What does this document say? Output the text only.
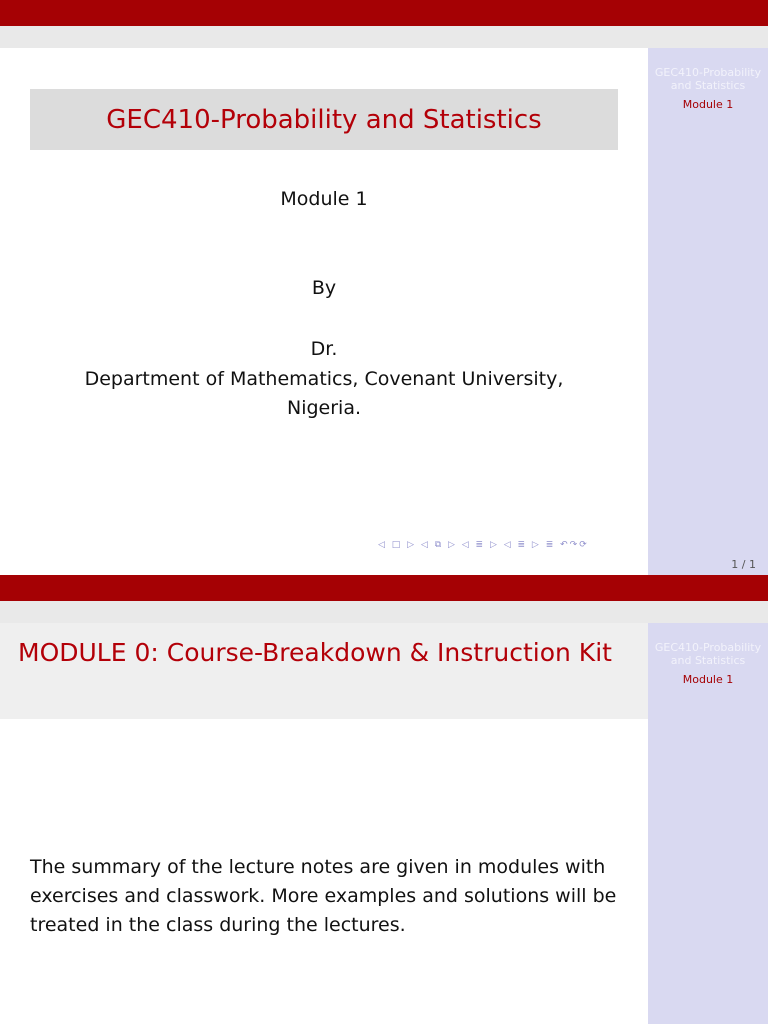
GEC410-Probability and Statistics
Module 1
GEC410-Probability and Statistics
Module 1
By
Dr.
Department of Mathematics, Covenant University,
Nigeria.
◁ □ ▷ ◁ ⧉ ▷ ◁ ≣ ▷ ◁ ≣ ▷ ≣ ↶↷⟳
1 / 1
GEC410-Probability and Statistics
Module 1
MODULE 0: Course-Breakdown & Instruction Kit
The summary of the lecture notes are given in modules with exercises and classwork. More examples and solutions will be treated in the class during the lectures.
